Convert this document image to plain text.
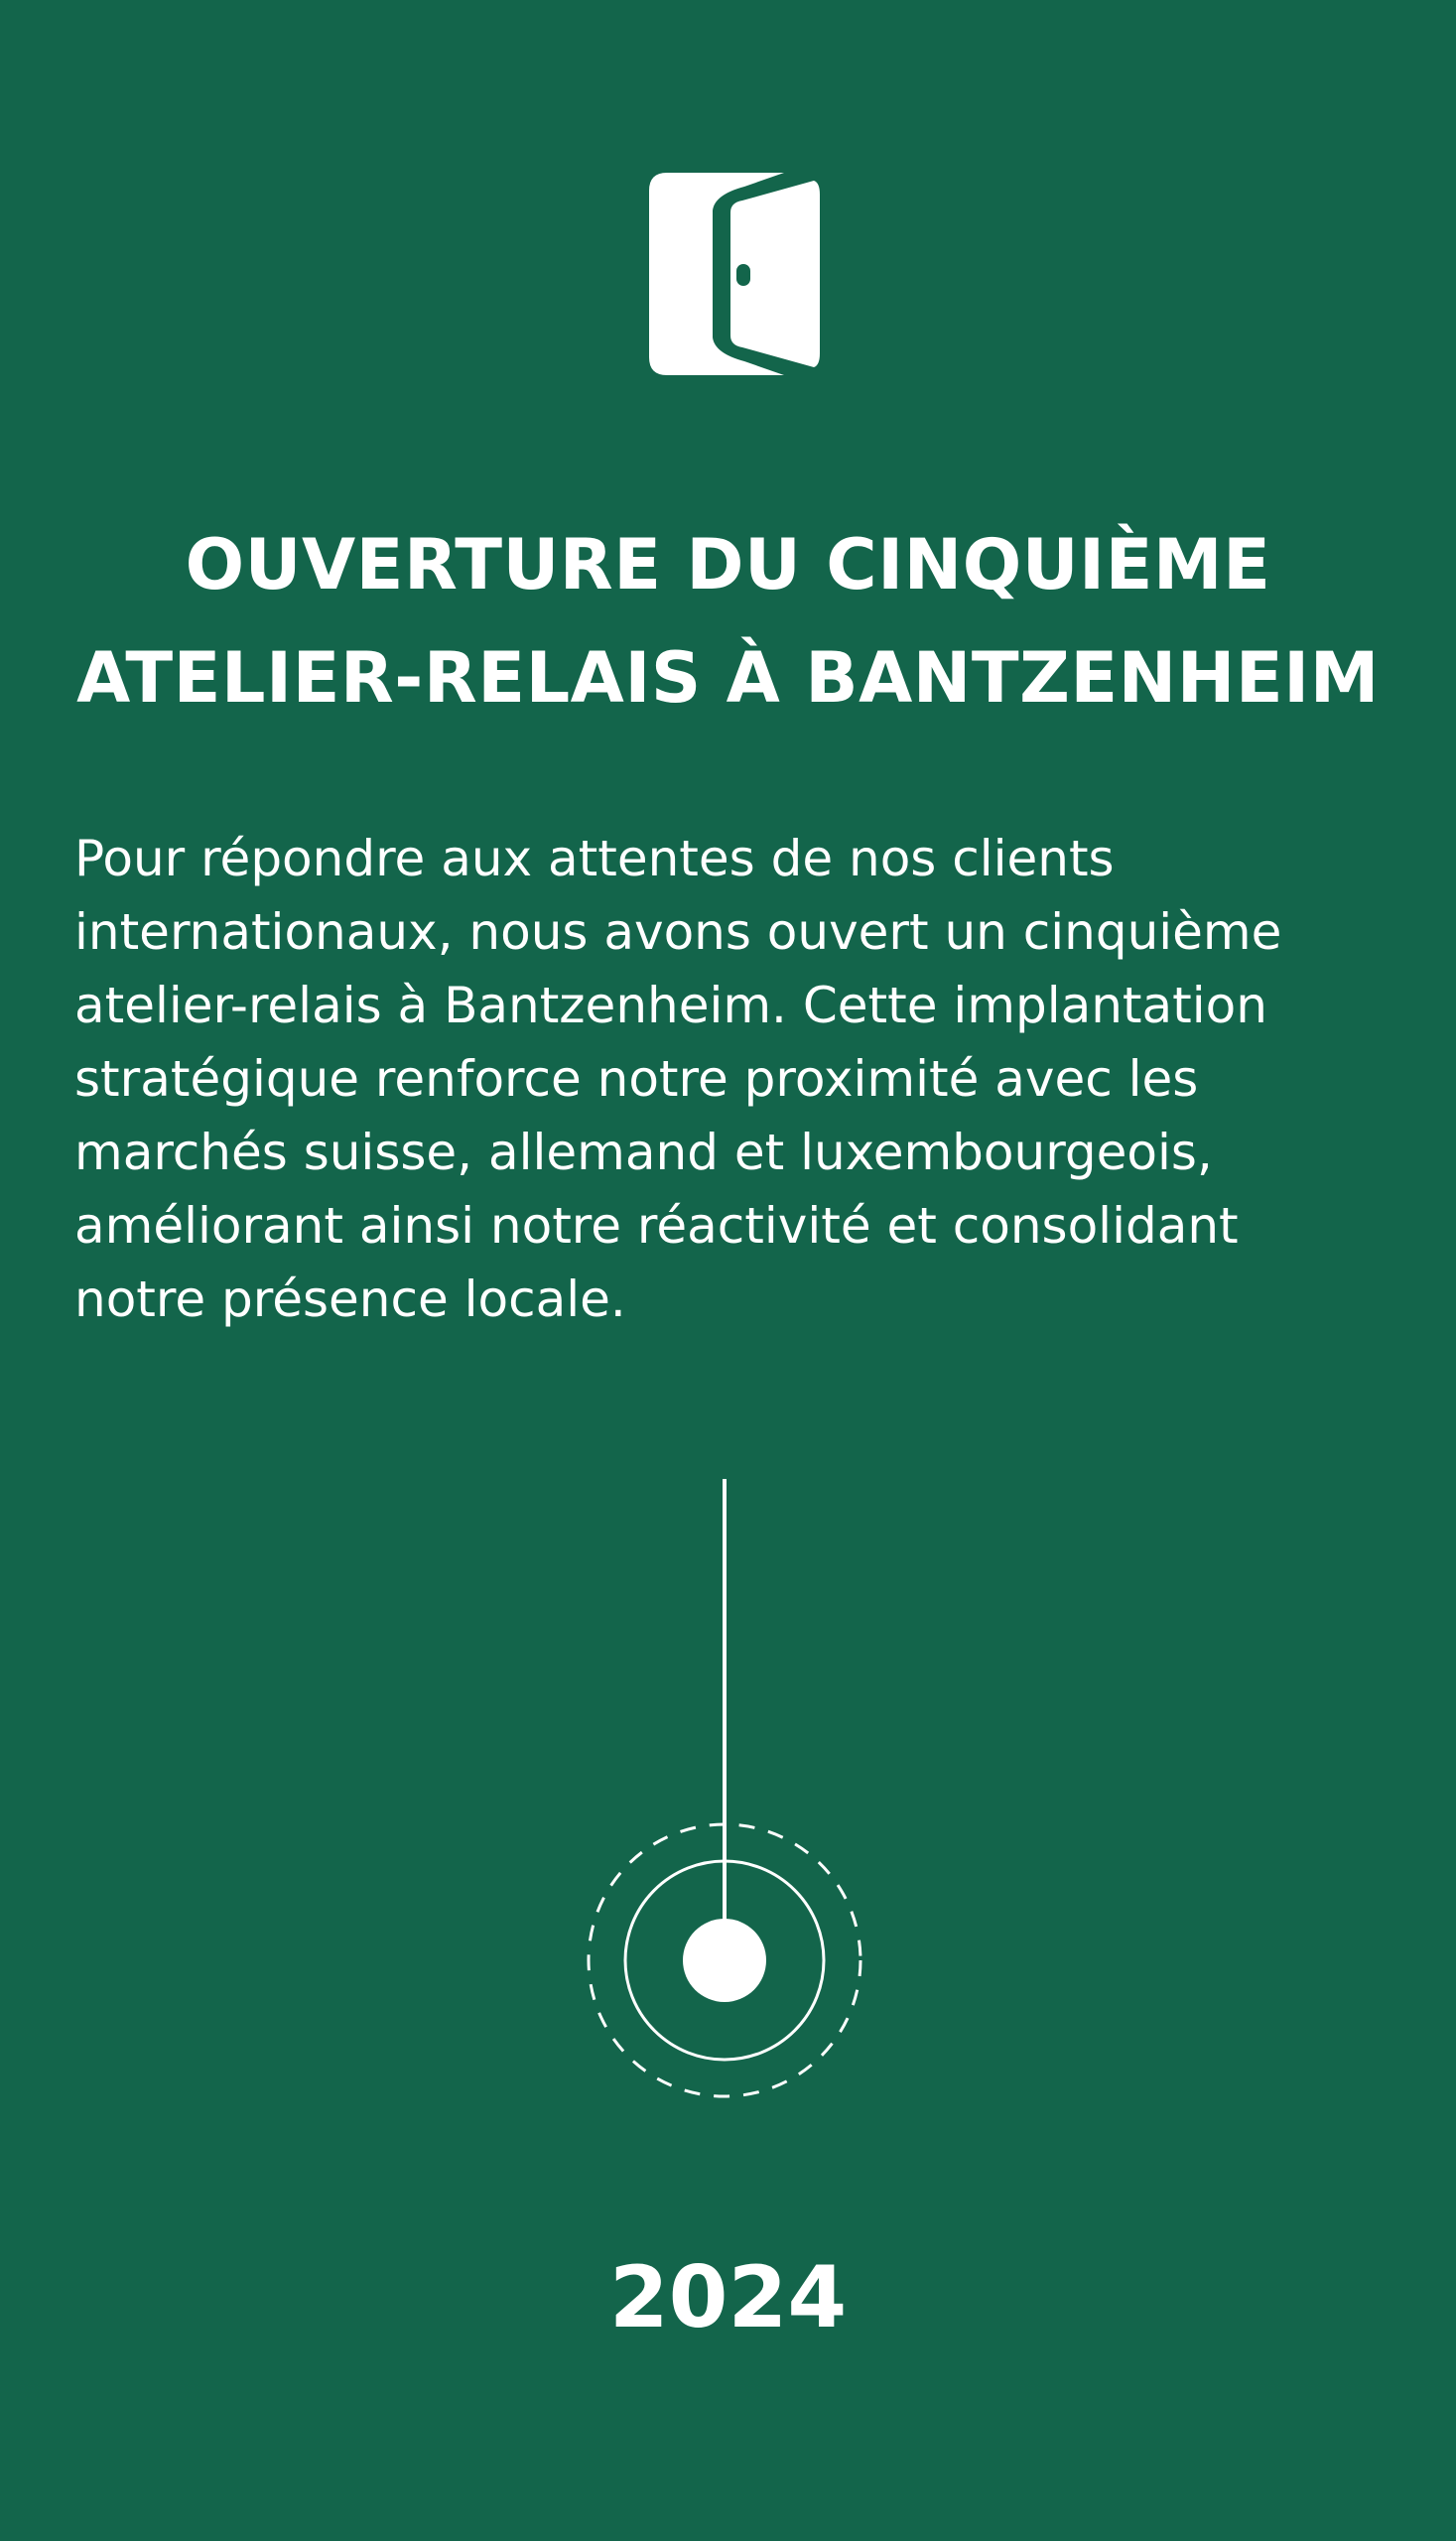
OUVERTURE DU CINQUIÈME
ATELIER-RELAIS À BANTZENHEIM

Pour répondre aux attentes de nos clients
internationaux, nous avons ouvert un cinquième
atelier-relais à Bantzenheim. Cette implantation
stratégique renforce notre proximité avec les
marchés suisse, allemand et luxembourgeois,
améliorant ainsi notre réactivité et consolidant
notre présence locale.

2024
